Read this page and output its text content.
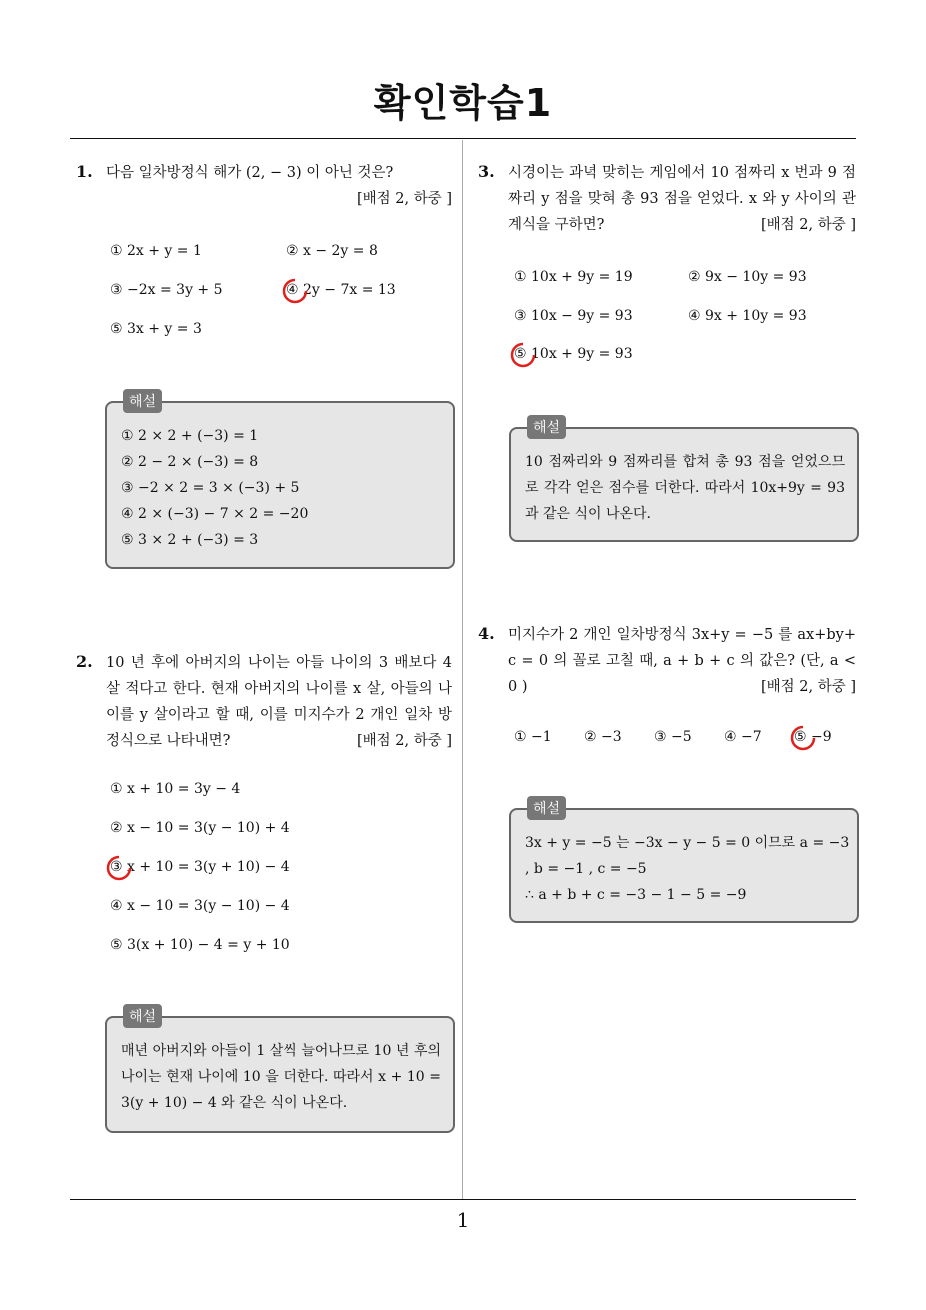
확인학습1
1
1. 다음 일차방정식 해가 (2, − 3) 이 아닌 것은?
[배점 2, 하중 ]
① 2x + y = 1	② x − 2y = 8
③ −2x = 3y + 5	④ 2y − 7x = 13
⑤ 3x + y = 3
해설
① 2 × 2 + (−3) = 1
② 2 − 2 × (−3) = 8
③ −2 × 2 = 3 × (−3) + 5
④ 2 × (−3) − 7 × 2 = −20
⑤ 3 × 2 + (−3) = 3
2. 10 년 후에 아버지의 나이는 아들 나이의 3 배보다 4 살 적다고 한다. 현재 아버지의 나이를 x 살, 아들의 나이를 y 살이라고 할 때, 이를 미지수가 2 개인 일차 방정식으로 나타내면?	[배점 2, 하중 ]
① x + 10 = 3y − 4
② x − 10 = 3(y − 10) + 4
③ x + 10 = 3(y + 10) − 4
④ x − 10 = 3(y − 10) − 4
⑤ 3(x + 10) − 4 = y + 10
해설
매년 아버지와 아들이 1 살씩 늘어나므로 10 년 후의 나이는 현재 나이에 10 을 더한다. 따라서 x + 10 = 3(y + 10) − 4 와 같은 식이 나온다.
3. 시경이는 과녁 맞히는 게임에서 10 점짜리 x 번과 9 점짜리 y 점을 맞혀 총 93 점을 얻었다. x 와 y 사이의 관계식을 구하면?	[배점 2, 하중 ]
① 10x + 9y = 19	② 9x − 10y = 93
③ 10x − 9y = 93	④ 9x + 10y = 93
⑤ 10x + 9y = 93
해설
10 점짜리와 9 점짜리를 합쳐 총 93 점을 얻었으므로 각각 얻은 점수를 더한다. 따라서 10x+9y = 93 과 같은 식이 나온다.
4. 미지수가 2 개인 일차방정식 3x+y = −5 를 ax+by+ c = 0 의 꼴로 고칠 때, a + b + c 의 값은? (단, a < 0 )	[배점 2, 하중 ]
① −1 ② −3 ③ −5 ④ −7 ⑤ −9
해설
3x + y = −5 는 −3x − y − 5 = 0 이므로 a = −3
, b = −1 , c = −5
∴ a + b + c = −3 − 1 − 5 = −9
